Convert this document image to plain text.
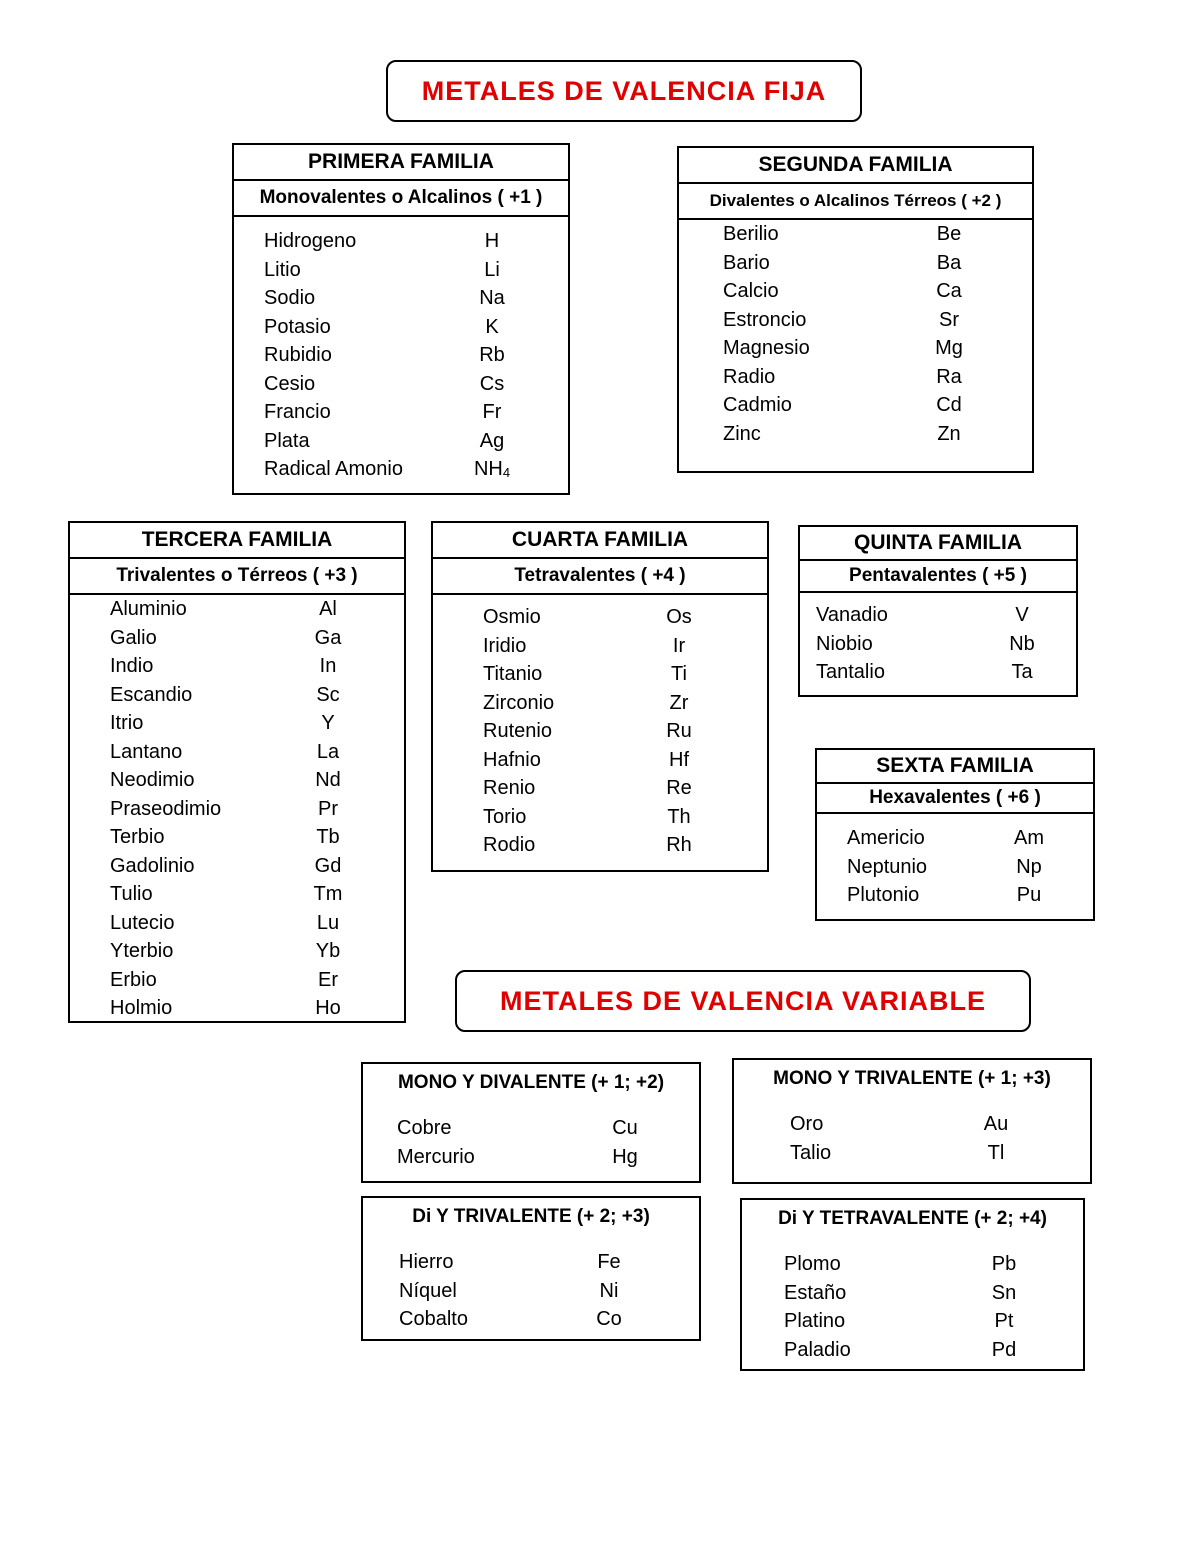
METALES DE VALENCIA FIJA
PRIMERA FAMILIA
Monovalentes o Alcalinos ( +1 )
Hidrogeno	H
Litio	Li
Sodio	Na
Potasio	K
Rubidio	Rb
Cesio	Cs
Francio	Fr
Plata	Ag
Radical Amonio	$NH_4$
SEGUNDA FAMILIA
Divalentes o Alcalinos Térreos ( +2 )
Berilio	Be
Bario	Ba
Calcio	Ca
Estroncio	Sr
Magnesio	Mg
Radio	Ra
Cadmio	Cd
Zinc	Zn
TERCERA FAMILIA
Trivalentes o Térreos ( +3 )
Aluminio	Al
Galio	Ga
Indio	In
Escandio	Sc
Itrio	Y
Lantano	La
Neodimio	Nd
Praseodimio	Pr
Terbio	Tb
Gadolinio	Gd
Tulio	Tm
Lutecio	Lu
Yterbio	Yb
Erbio	Er
Holmio	Ho
CUARTA FAMILIA
Tetravalentes ( +4 )
Osmio	Os
Iridio	Ir
Titanio	Ti
Zirconio	Zr
Rutenio	Ru
Hafnio	Hf
Renio	Re
Torio	Th
Rodio	Rh
QUINTA FAMILIA
Pentavalentes ( +5 )
Vanadio	V
Niobio	Nb
Tantalio	Ta
SEXTA FAMILIA
Hexavalentes ( +6 )
Americio	Am
Neptunio	Np
Plutonio	Pu
METALES DE VALENCIA VARIABLE
MONO Y DIVALENTE (+ 1; +2)
Cobre	Cu
Mercurio	Hg
MONO Y TRIVALENTE (+ 1; +3)
Oro	Au
Talio	Tl
Di Y TRIVALENTE (+ 2; +3)
Hierro	Fe
Níquel	Ni
Cobalto	Co
Di Y TETRAVALENTE (+ 2; +4)
Plomo	Pb
Estaño	Sn
Platino	Pt
Paladio	Pd
